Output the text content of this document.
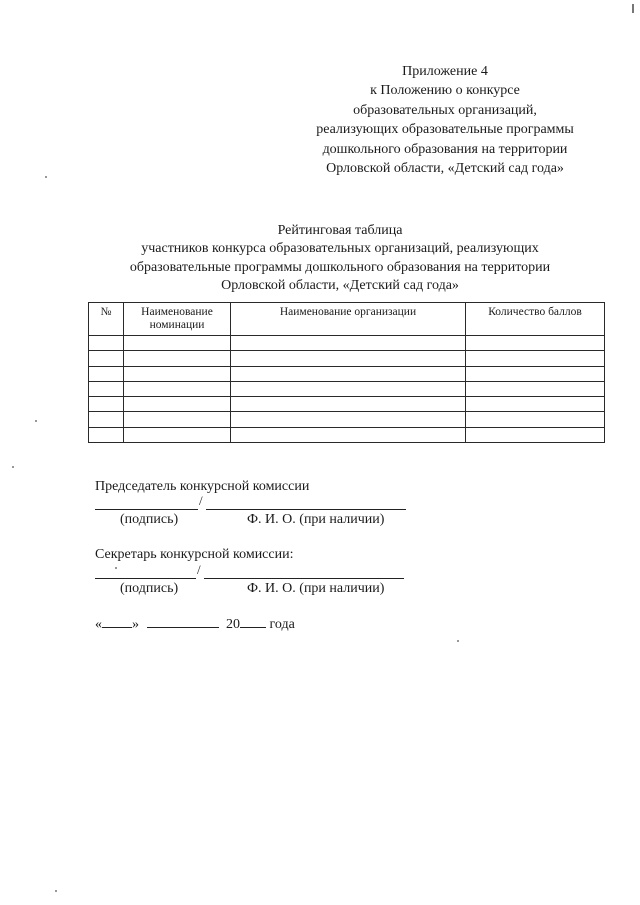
Приложение 4
к Положению о конкурсе
образовательных организаций,
реализующих образовательные программы
дошкольного образования на территории
Орловской области, «Детский сад года»
Рейтинговая таблица
участников конкурса образовательных организаций, реализующих
образовательные программы дошкольного образования на территории
Орловской области, «Детский сад года»
№	Наименование номинации	Наименование организации	Количество баллов

Председатель конкурсной комиссии
/
(подпись)	Ф. И. О. (при наличии)
Секретарь конкурсной комиссии:
/
(подпись)	Ф. И. О. (при наличии)
« »	20 года
